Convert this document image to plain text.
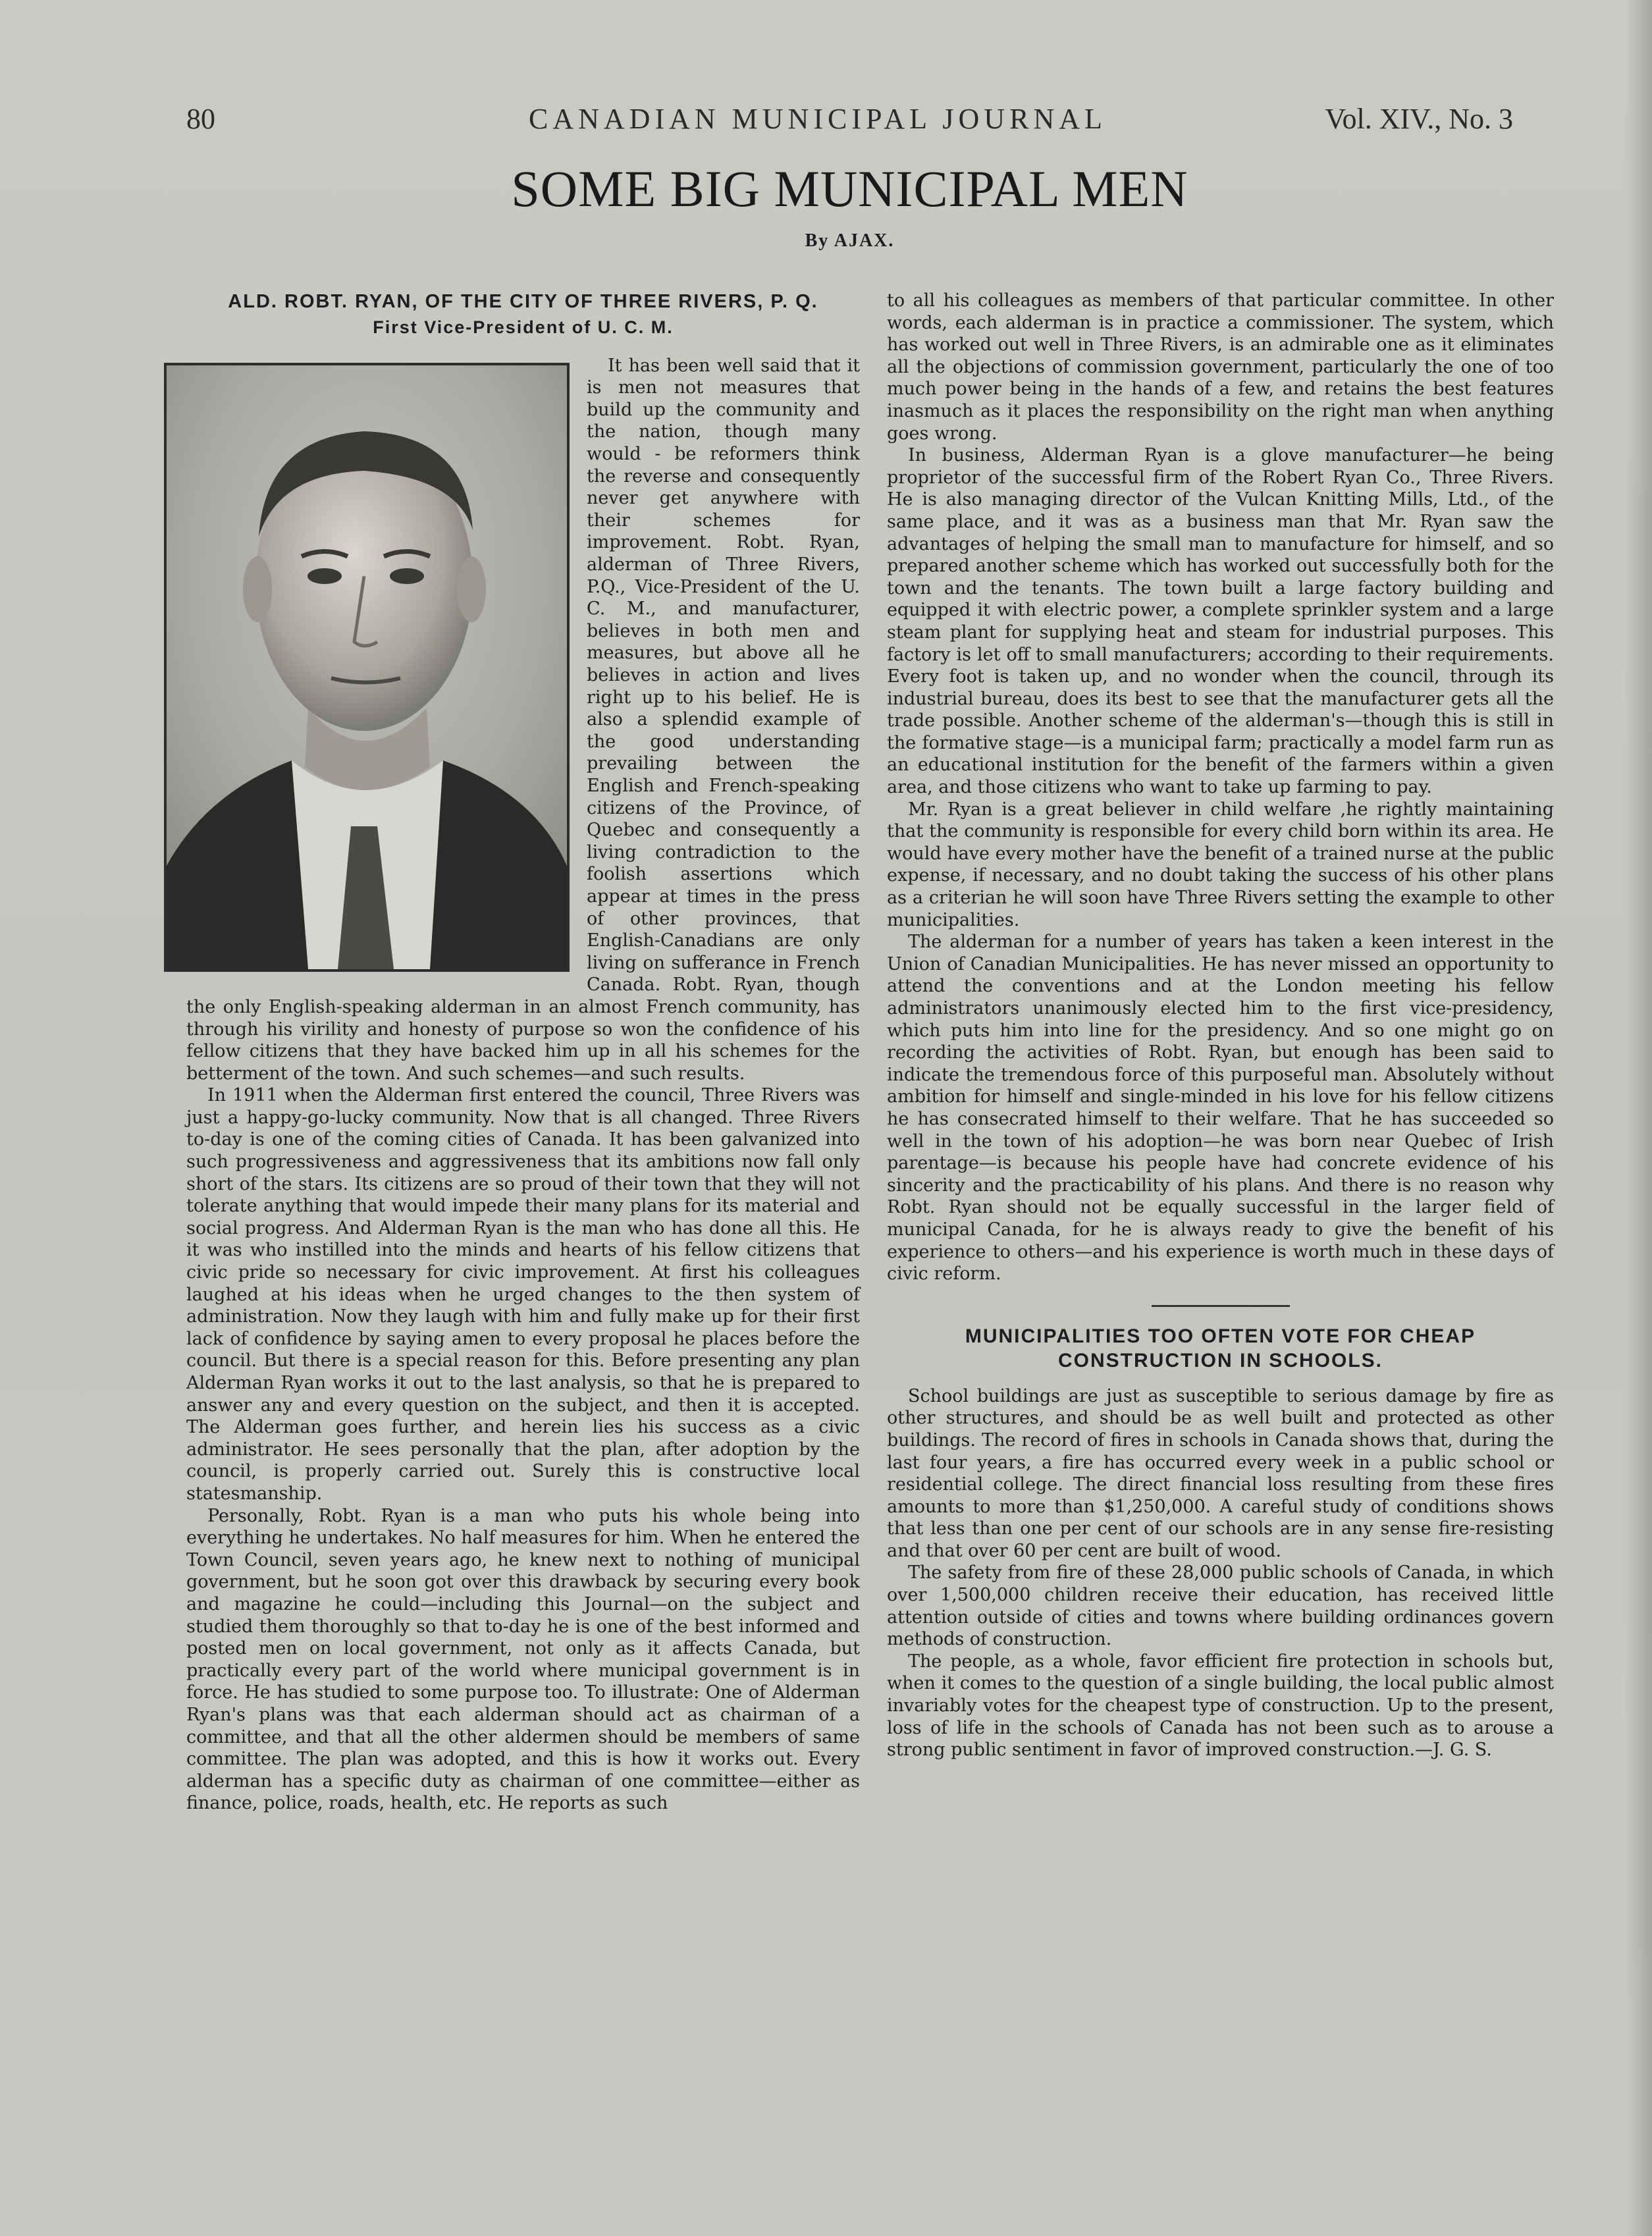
80	CANADIAN MUNICIPAL JOURNAL	Vol. XIV., No. 3
SOME BIG MUNICIPAL MEN
By AJAX.
ALD. ROBT. RYAN, OF THE CITY OF THREE RIVERS, P. Q.
First Vice-President of U. C. M.

It has been well said that it is men not measures that build up the community and the nation, though many would - be reformers think the reverse and consequently never get anywhere with their schemes for improvement. Robt. Ryan, alderman of Three Rivers, P.Q., Vice-President of the U. C. M., and manufacturer, believes in both men and measures, but above all he believes in action and lives right up to his belief. He is also a splendid example of the good understanding prevailing between the English and French-speaking citizens of the Province, of Quebec and consequently a living contradiction to the foolish assertions which appear at times in the press of other provinces, that English-Canadians are only living on sufferance in French Canada. Robt. Ryan, though the only English-speaking alderman in an almost French community, has through his virility and honesty of purpose so won the confidence of his fellow citizens that they have backed him up in all his schemes for the betterment of the town. And such schemes—and such results.

In 1911 when the Alderman first entered the council, Three Rivers was just a happy-go-lucky community. Now that is all changed. Three Rivers to-day is one of the coming cities of Canada. It has been galvanized into such progressiveness and aggressiveness that its ambitions now fall only short of the stars. Its citizens are so proud of their town that they will not tolerate anything that would impede their many plans for its material and social progress. And Alderman Ryan is the man who has done all this. He it was who instilled into the minds and hearts of his fellow citizens that civic pride so necessary for civic improvement. At first his colleagues laughed at his ideas when he urged changes to the then system of administration. Now they laugh with him and fully make up for their first lack of confidence by saying amen to every proposal he places before the council. But there is a special reason for this. Before presenting any plan Alderman Ryan works it out to the last analysis, so that he is prepared to answer any and every question on the subject, and then it is accepted. The Alderman goes further, and herein lies his success as a civic administrator. He sees personally that the plan, after adoption by the council, is properly carried out. Surely this is constructive local statesmanship.

Personally, Robt. Ryan is a man who puts his whole being into everything he undertakes. No half measures for him. When he entered the Town Council, seven years ago, he knew next to nothing of municipal government, but he soon got over this drawback by securing every book and magazine he could—including this Journal—on the subject and studied them thoroughly so that to-day he is one of the best informed and posted men on local government, not only as it affects Canada, but practically every part of the world where municipal government is in force. He has studied to some purpose too. To illustrate: One of Alderman Ryan's plans was that each alderman should act as chairman of a committee, and that all the other aldermen should be members of same committee. The plan was adopted, and this is how it works out. Every alderman has a specific duty as chairman of one committee—either as finance, police, roads, health, etc. He reports as such

to all his colleagues as members of that particular committee. In other words, each alderman is in practice a commissioner. The system, which has worked out well in Three Rivers, is an admirable one as it eliminates all the objections of commission government, particularly the one of too much power being in the hands of a few, and retains the best features inasmuch as it places the responsibility on the right man when anything goes wrong.

In business, Alderman Ryan is a glove manufacturer—he being proprietor of the successful firm of the Robert Ryan Co., Three Rivers. He is also managing director of the Vulcan Knitting Mills, Ltd., of the same place, and it was as a business man that Mr. Ryan saw the advantages of helping the small man to manufacture for himself, and so prepared another scheme which has worked out successfully both for the town and the tenants. The town built a large factory building and equipped it with electric power, a complete sprinkler system and a large steam plant for supplying heat and steam for industrial purposes. This factory is let off to small manufacturers; according to their requirements. Every foot is taken up, and no wonder when the council, through its industrial bureau, does its best to see that the manufacturer gets all the trade possible. Another scheme of the alderman's—though this is still in the formative stage—is a municipal farm; practically a model farm run as an educational institution for the benefit of the farmers within a given area, and those citizens who want to take up farming to pay.

Mr. Ryan is a great believer in child welfare ,he rightly maintaining that the community is responsible for every child born within its area. He would have every mother have the benefit of a trained nurse at the public expense, if necessary, and no doubt taking the success of his other plans as a criterian he will soon have Three Rivers setting the example to other municipalities.

The alderman for a number of years has taken a keen interest in the Union of Canadian Municipalities. He has never missed an opportunity to attend the conventions and at the London meeting his fellow administrators unanimously elected him to the first vice-presidency, which puts him into line for the presidency. And so one might go on recording the activities of Robt. Ryan, but enough has been said to indicate the tremendous force of this purposeful man. Absolutely without ambition for himself and single-minded in his love for his fellow citizens he has consecrated himself to their welfare. That he has succeeded so well in the town of his adoption—he was born near Quebec of Irish parentage—is because his people have had concrete evidence of his sincerity and the practicability of his plans. And there is no reason why Robt. Ryan should not be equally successful in the larger field of municipal Canada, for he is always ready to give the benefit of his experience to others—and his experience is worth much in these days of civic reform.

MUNICIPALITIES TOO OFTEN VOTE FOR CHEAP CONSTRUCTION IN SCHOOLS.

School buildings are just as susceptible to serious damage by fire as other structures, and should be as well built and protected as other buildings. The record of fires in schools in Canada shows that, during the last four years, a fire has occurred every week in a public school or residential college. The direct financial loss resulting from these fires amounts to more than $1,250,000. A careful study of conditions shows that less than one per cent of our schools are in any sense fire-resisting and that over 60 per cent are built of wood.

The safety from fire of these 28,000 public schools of Canada, in which over 1,500,000 children receive their education, has received little attention outside of cities and towns where building ordinances govern methods of construction.

The people, as a whole, favor efficient fire protection in schools but, when it comes to the question of a single building, the local public almost invariably votes for the cheapest type of construction. Up to the present, loss of life in the schools of Canada has not been such as to arouse a strong public sentiment in favor of improved construction.—J. G. S.
